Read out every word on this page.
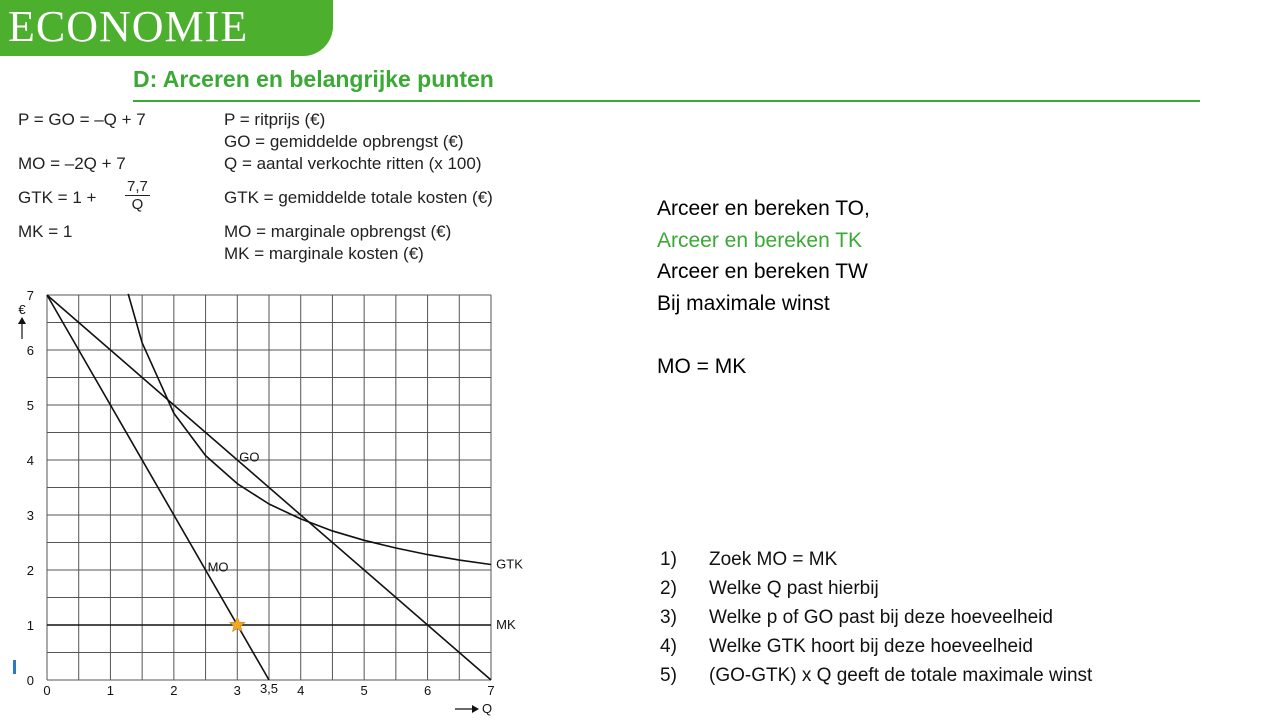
ECONOMIE
D: Arceren en belangrijke punten
P = GO = –Q + 7
MO = –2Q + 7
GTK = $1 + \frac{7,7}{Q}$
MK = 1
P = ritprijs (€)
GO = gemiddelde opbrengst (€)
Q = aantal verkochte ritten (x 100)
GTK = gemiddelde totale kosten (€)
MO = marginale opbrengst (€)
MK = marginale kosten (€)
Arceer en bereken TO,
Arceer en bereken TK
Arceer en bereken TW
Bij maximale winst

MO = MK
1) Zoek MO = MK
2) Welke Q past hierbij
3) Welke p of GO past bij deze hoeveelheid
4) Welke GTK hoort bij deze hoeveelheid
5) (GO-GTK) x Q geeft de totale maximale winst
GO
MO	GTK
MK
0	1	2	3	4	5	6	7
3,5
0
1
2
3
4
5
6
7
€
Q
